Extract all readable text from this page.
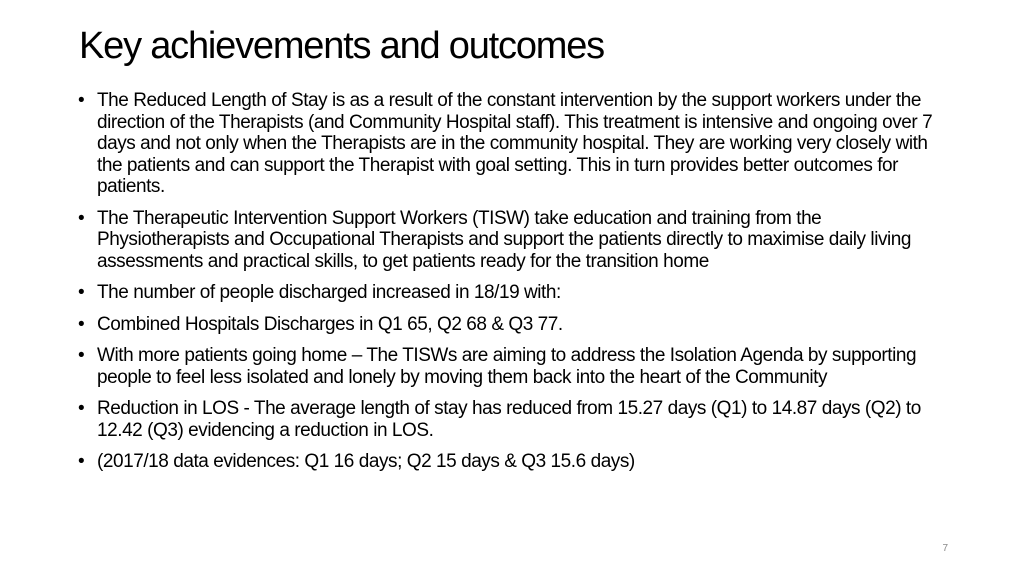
Key achievements and outcomes
• The Reduced Length of Stay is as a result of the constant intervention by the support workers under the direction of the Therapists (and Community Hospital staff). This treatment is intensive and ongoing over 7 days and not only when the Therapists are in the community hospital. They are working very closely with the patients and can support the Therapist with goal setting. This in turn provides better outcomes for patients.
• The Therapeutic Intervention Support Workers (TISW) take education and training from the Physiotherapists and Occupational Therapists and support the patients directly to maximise daily living assessments and practical skills, to get patients ready for the transition home
• The number of people discharged increased in 18/19 with:
• Combined Hospitals Discharges in Q1 65, Q2 68 & Q3 77.
• With more patients going home – The TISWs are aiming to address the Isolation Agenda by supporting people to feel less isolated and lonely by moving them back into the heart of the Community
• Reduction in LOS - The average length of stay has reduced from 15.27 days (Q1) to 14.87 days (Q2) to 12.42 (Q3) evidencing a reduction in LOS.
• (2017/18 data evidences: Q1 16 days; Q2 15 days & Q3 15.6 days)
7
